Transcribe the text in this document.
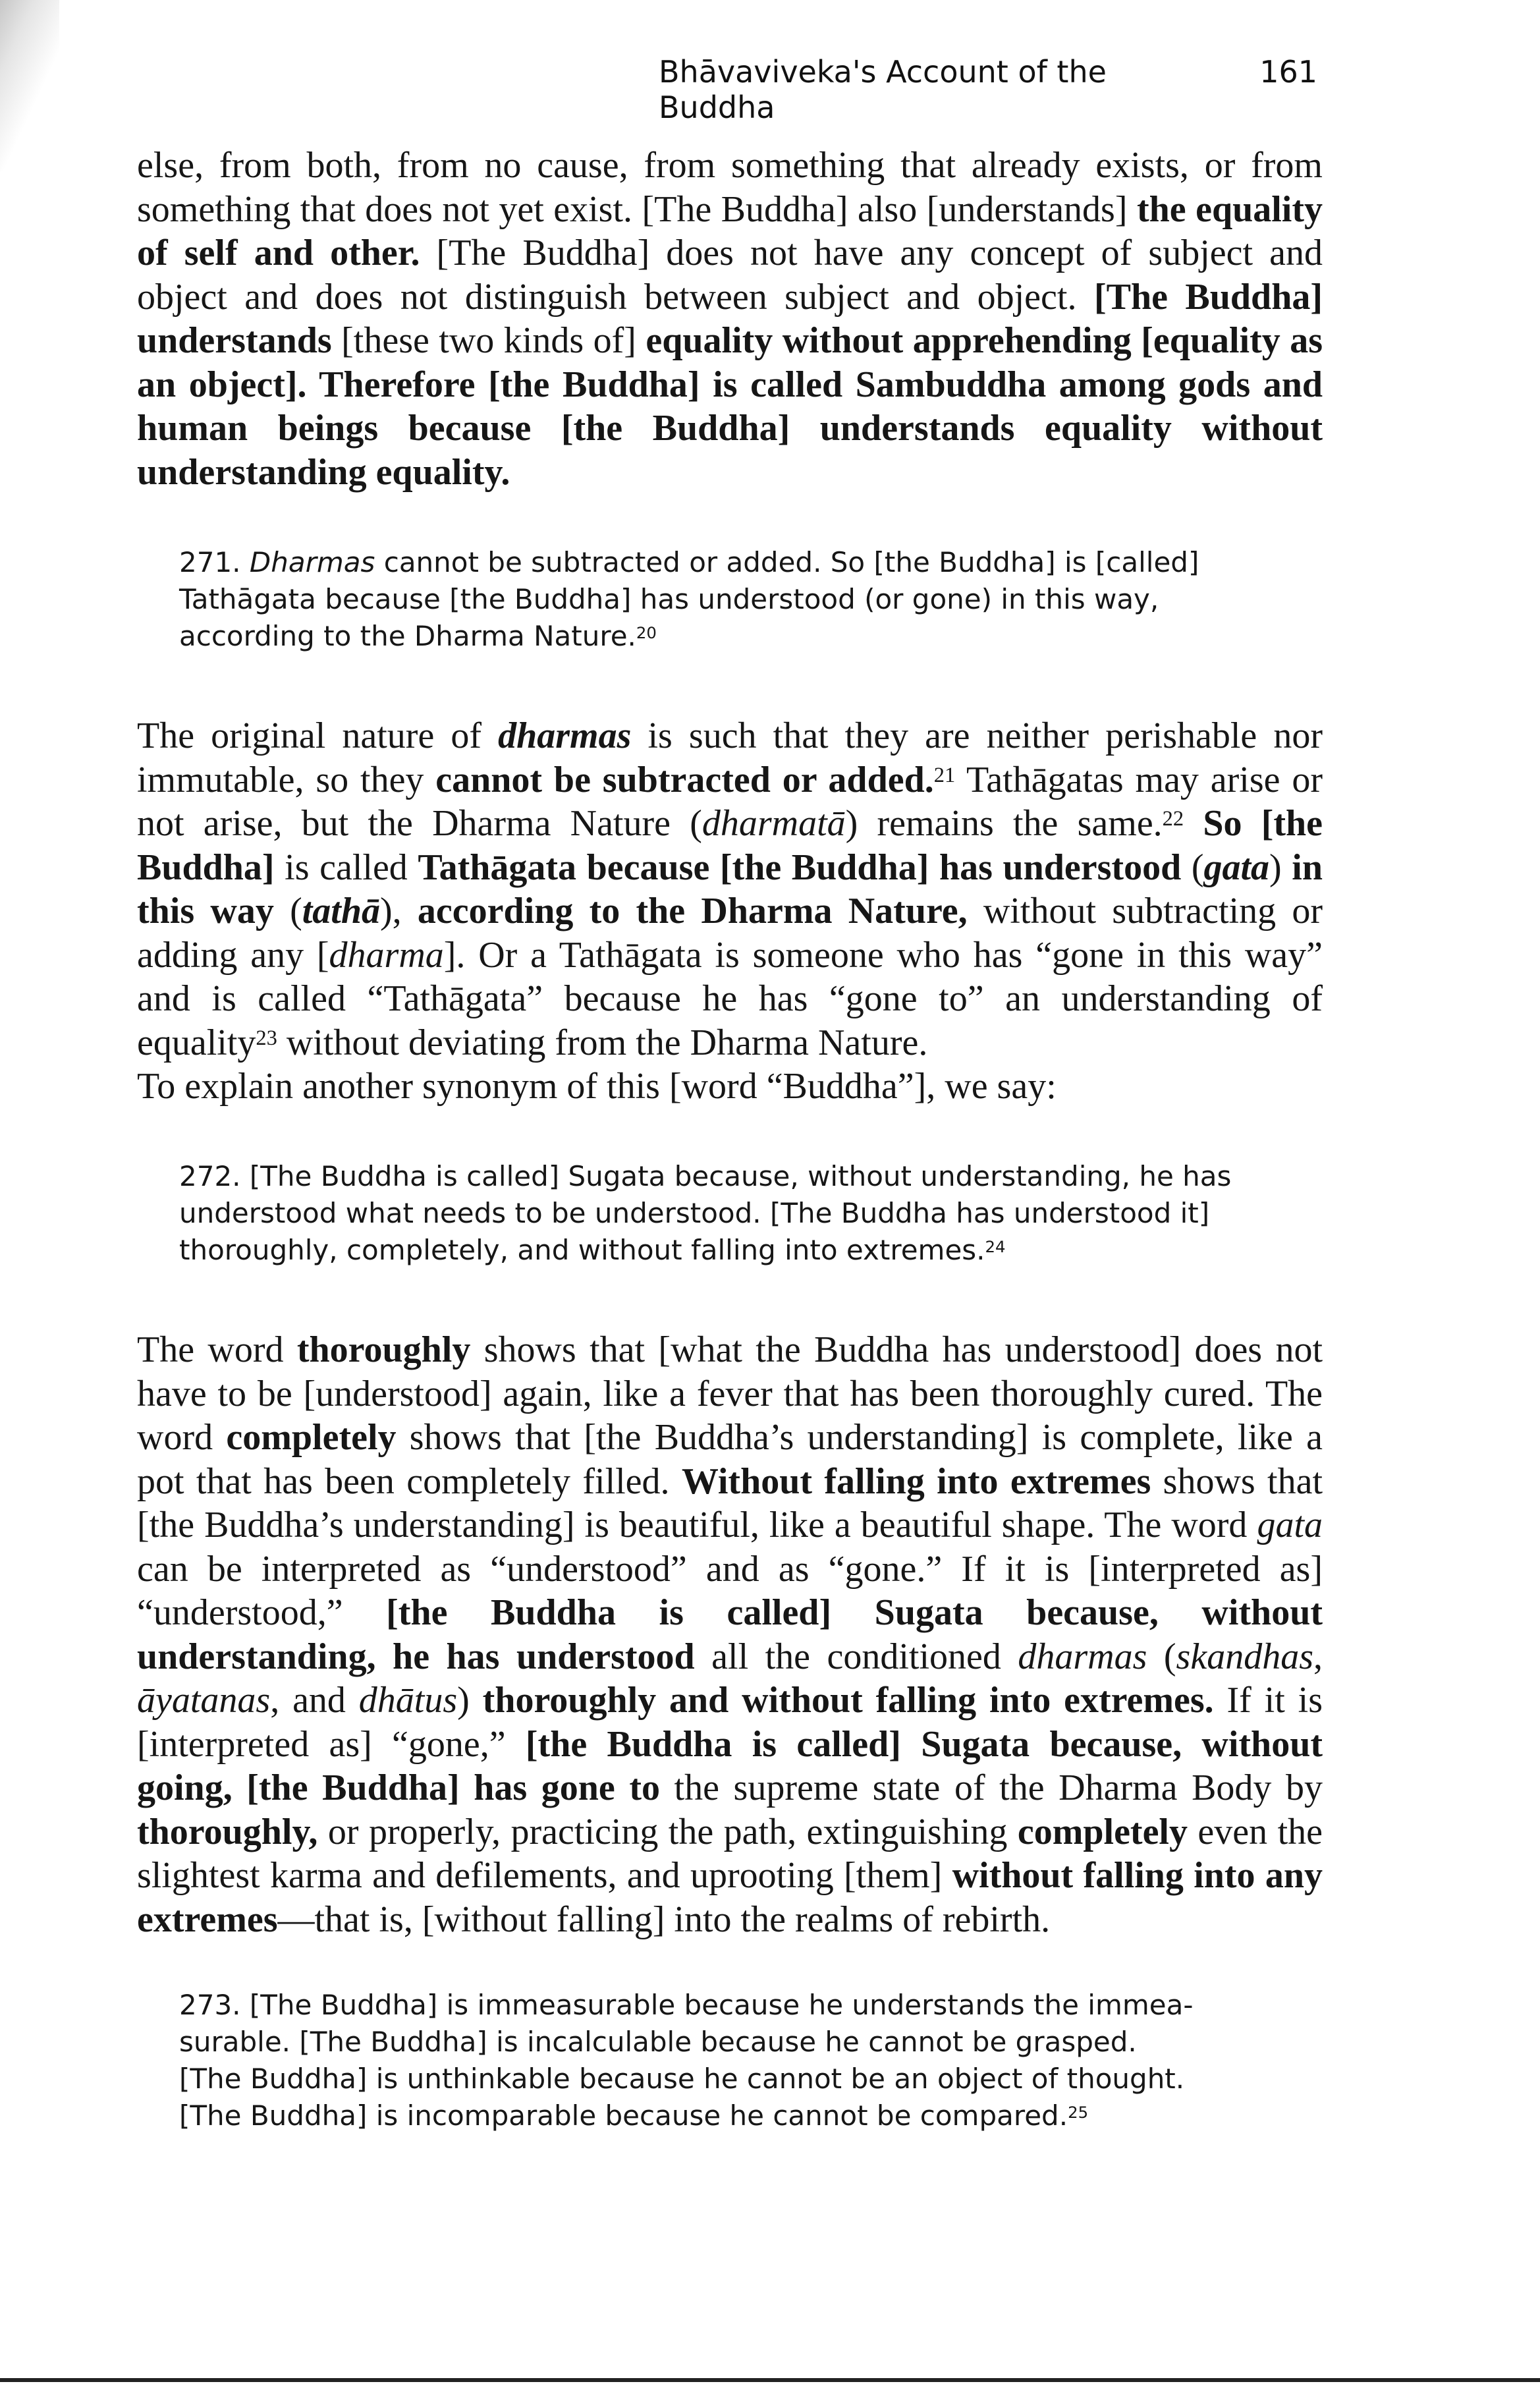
Bhāvaviveka's Account of the Buddha
161

else, from both, from no cause, from something that already exists, or from something that does not yet exist. [The Buddha] also [understands] the equality of self and other. [The Buddha] does not have any concept of subject and object and does not distinguish between subject and object. [The Buddha] understands [these two kinds of] equality without apprehending [equality as an object]. Therefore [the Buddha] is called Sambuddha among gods and human beings because [the Buddha] understands equality without understanding equality.

271. Dharmas cannot be subtracted or added. So [the Buddha] is [called]
Tathāgata because [the Buddha] has understood (or gone) in this way,
according to the Dharma Nature.$^{20}$

The original nature of dharmas is such that they are neither perishable nor immutable, so they cannot be subtracted or added.$^{21}$ Tathāgatas may arise or not arise, but the Dharma Nature (dharmatā) remains the same.$^{22}$ So [the Buddha] is called Tathāgata because [the Buddha] has understood (gata) in this way (tathā), according to the Dharma Nature, without subtracting or adding any [dharma]. Or a Tathāgata is someone who has “gone in this way” and is called “Tathāgata” because he has “gone to” an understanding of equality$^{23}$ without deviating from the Dharma Nature.

To explain another synonym of this [word “Buddha”], we say:

272. [The Buddha is called] Sugata because, without understanding, he has
understood what needs to be understood. [The Buddha has understood it]
thoroughly, completely, and without falling into extremes.$^{24}$

The word thoroughly shows that [what the Buddha has understood] does not have to be [understood] again, like a fever that has been thoroughly cured. The word completely shows that [the Buddha’s understanding] is complete, like a pot that has been completely filled. Without falling into extremes shows that [the Buddha’s understanding] is beautiful, like a beautiful shape. The word gata can be interpreted as “understood” and as “gone.” If it is [interpreted as] “understood,” [the Buddha is called] Sugata because, without understanding, he has understood all the conditioned dharmas (skandhas, āyatanas, and dhātus) thoroughly and without falling into extremes. If it is [interpreted as] “gone,” [the Buddha is called] Sugata because, without going, [the Buddha] has gone to the supreme state of the Dharma Body by thoroughly, or properly, practicing the path, extinguishing completely even the slightest karma and defilements, and uprooting [them] without falling into any extremes—that is, [without falling] into the realms of rebirth.

273. [The Buddha] is immeasurable because he understands the immea-
surable. [The Buddha] is incalculable because he cannot be grasped.
[The Buddha] is unthinkable because he cannot be an object of thought.
[The Buddha] is incomparable because he cannot be compared.$^{25}$
